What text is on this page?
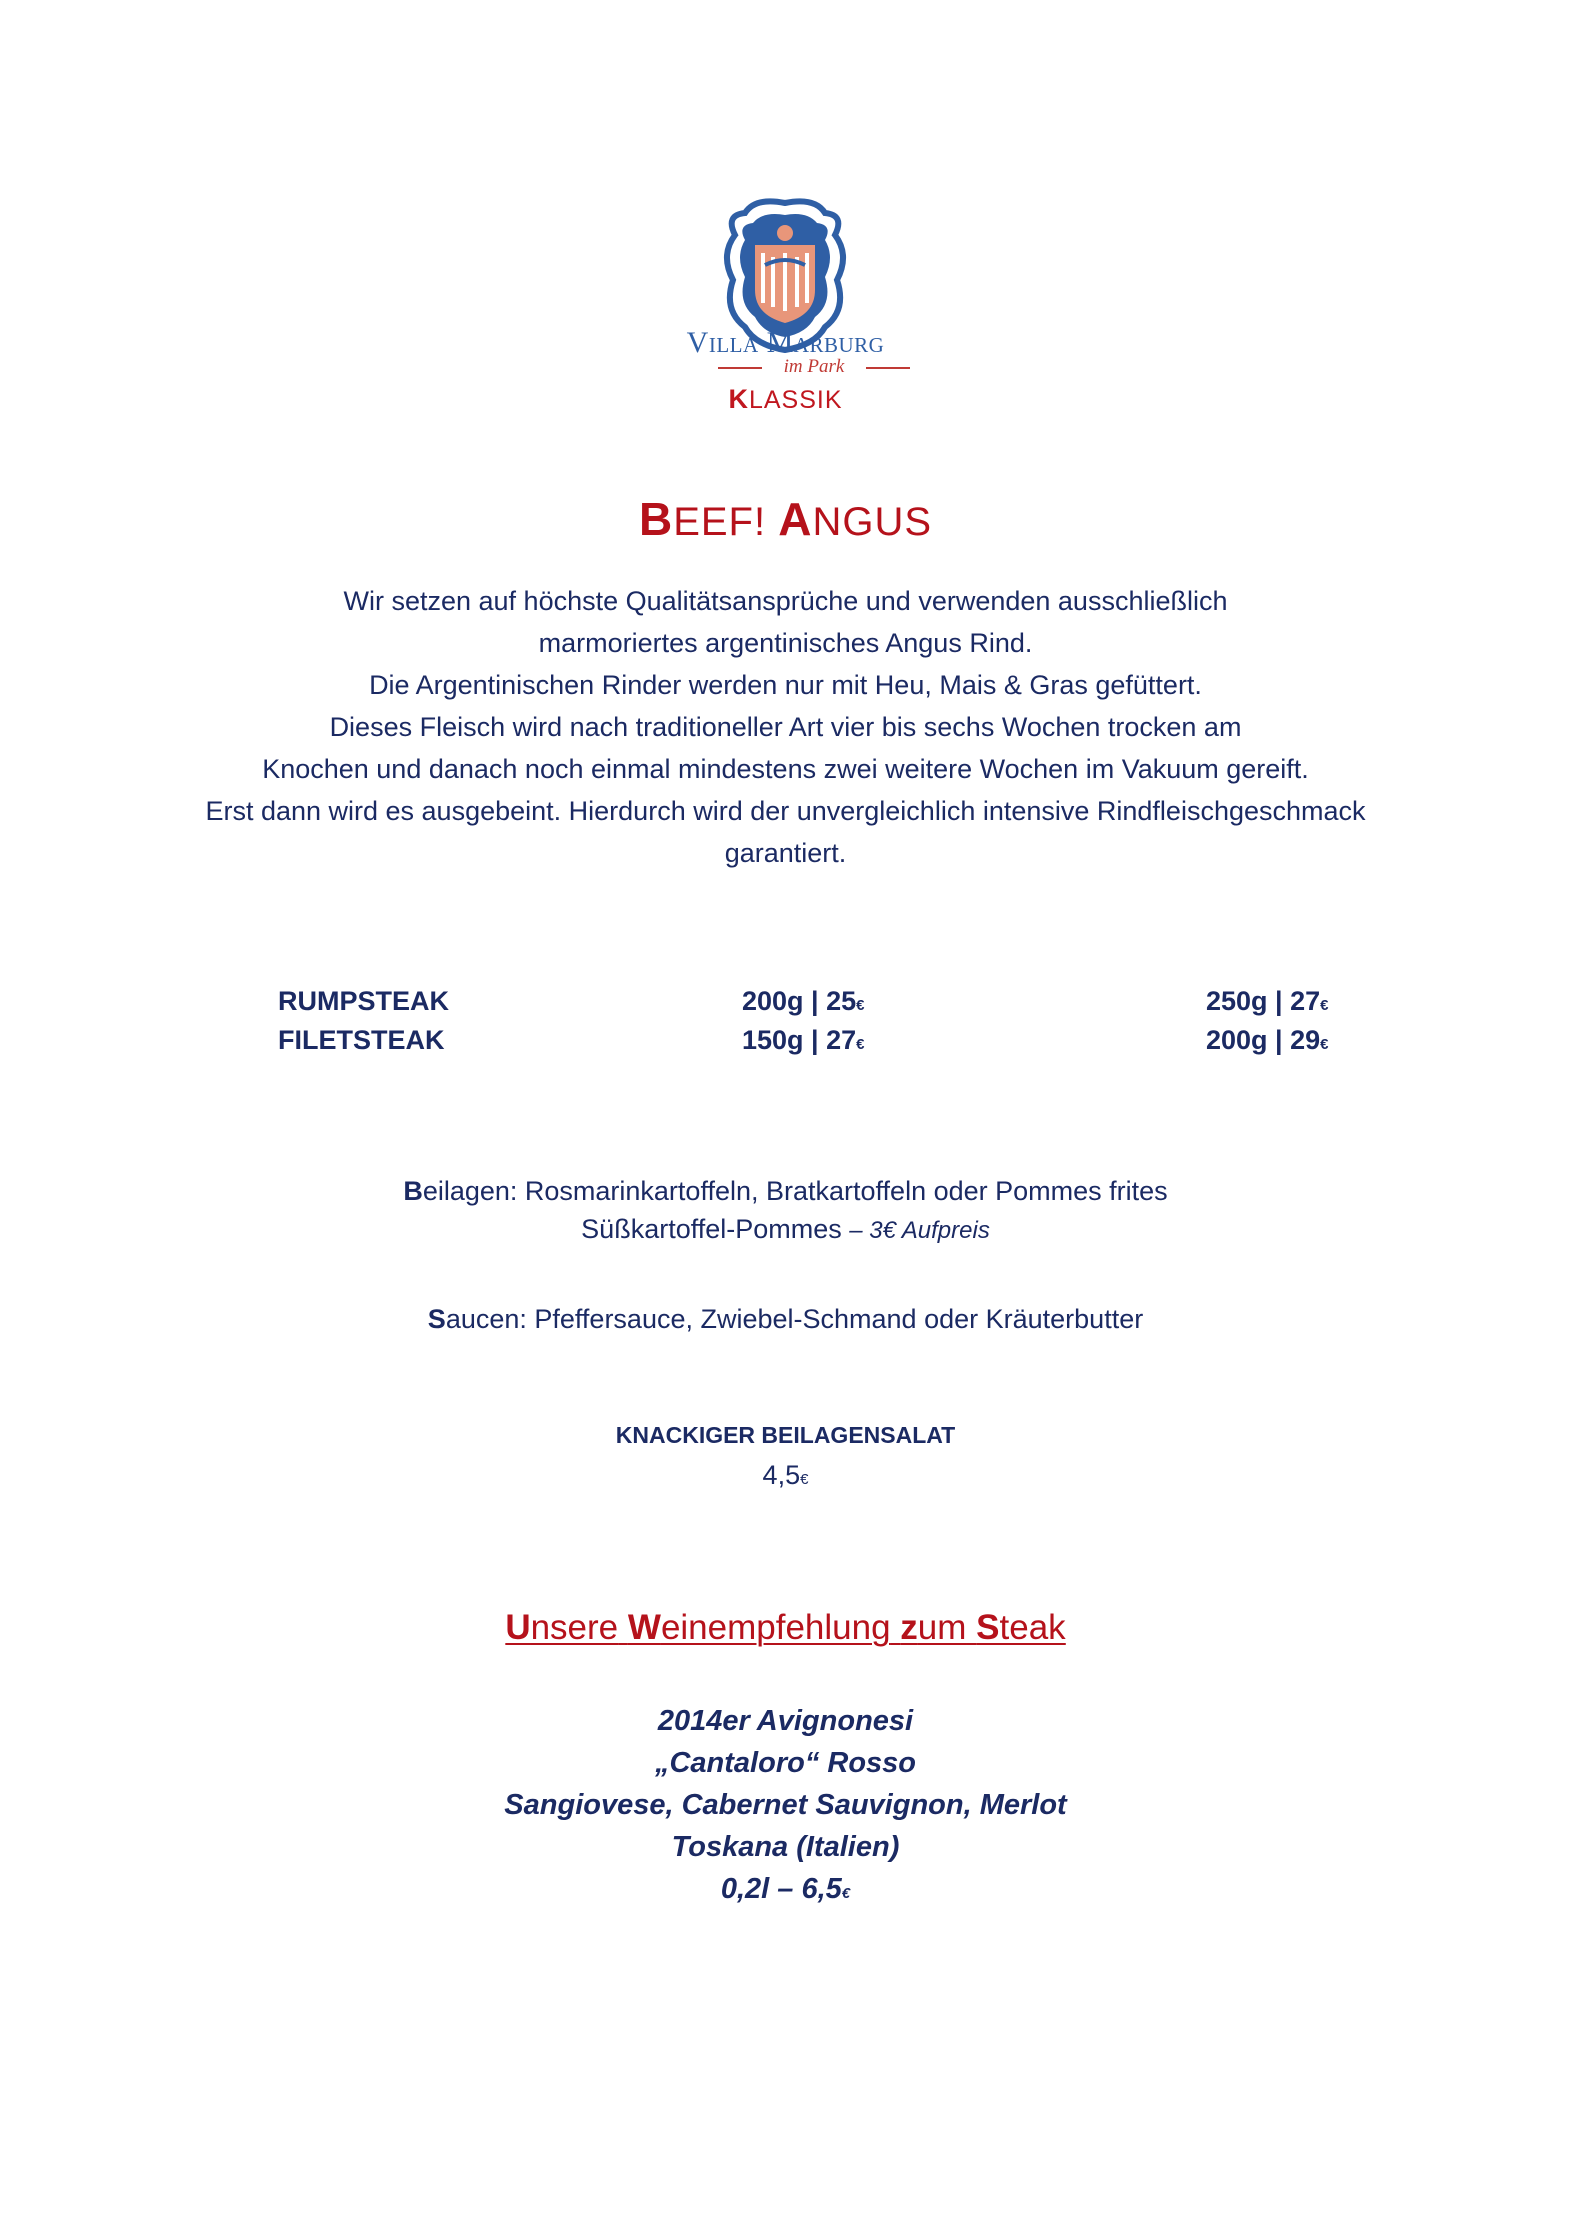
Villa Marburg
im Park
KLASSIK
BEEF! ANGUS

Wir setzen auf höchste Qualitätsansprüche und verwenden ausschließlich

marmoriertes argentinisches Angus Rind.

Die Argentinischen Rinder werden nur mit Heu, Mais & Gras gefüttert.

Dieses Fleisch wird nach traditioneller Art vier bis sechs Wochen trocken am

Knochen und danach noch einmal mindestens zwei weitere Wochen im Vakuum gereift.

Erst dann wird es ausgebeint. Hierdurch wird der unvergleichlich intensive Rindfleischgeschmack

garantiert.

RUMPSTEAK	200g | 25€	250g | 27€
FILETSTEAK	150g | 27€	200g | 29€
Beilagen: Rosmarinkartoffeln, Bratkartoffeln oder Pommes frites
Süßkartoffel-Pommes – 3€ Aufpreis
Saucen: Pfeffersauce, Zwiebel-Schmand oder Kräuterbutter
KNACKIGER BEILAGENSALAT
4,5€
Unsere Weinempfehlung zum Steak

2014er Avignonesi

„Cantaloro“ Rosso

Sangiovese, Cabernet Sauvignon, Merlot

Toskana (Italien)

0,2l – 6,5€
